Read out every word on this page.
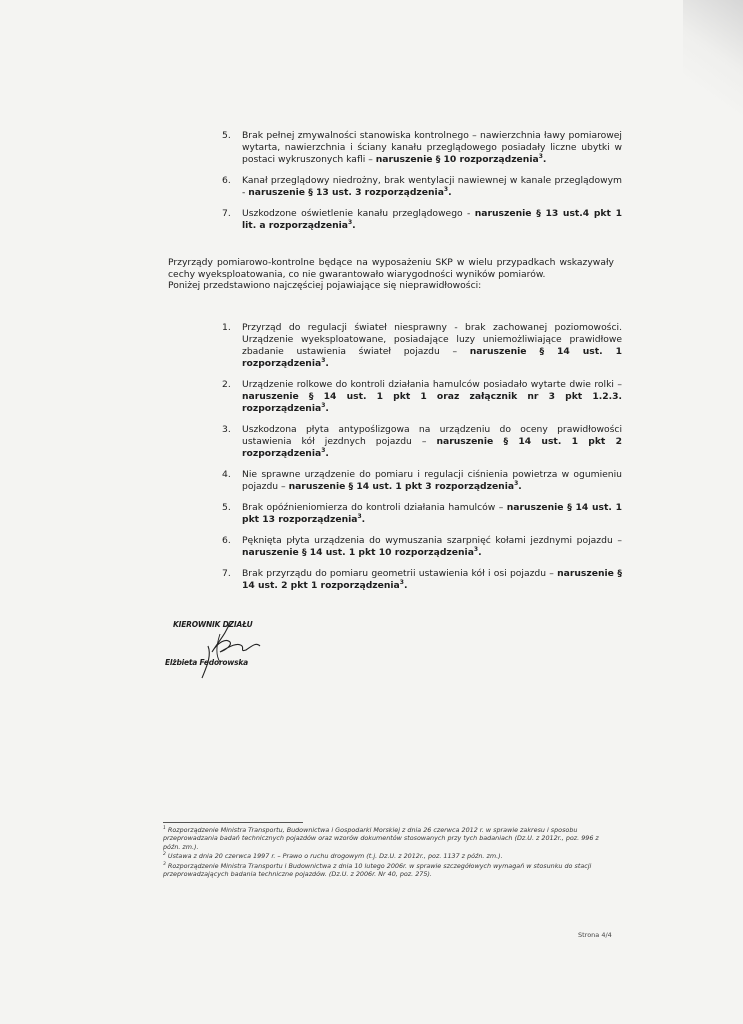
5.	Brak pełnej zmywalności stanowiska kontrolnego – nawierzchnia ławy pomiarowej wytarta, nawierzchnia i ściany kanału przeglądowego posiadały liczne ubytki w postaci wykruszonych kafli – naruszenie § 10 rozporządzenia$^3$.
6.	Kanał przeglądowy niedrożny, brak wentylacji nawiewnej w kanale przeglądowym - naruszenie § 13 ust. 3 rozporządzenia$^3$.
7.	Uszkodzone oświetlenie kanału przeglądowego - naruszenie § 13 ust.4 pkt 1 lit. a rozporządzenia$^3$.

Przyrządy pomiarowo-kontrolne będące na wyposażeniu SKP w wielu przypadkach wskazywały cechy wyeksploatowania, co nie gwarantowało wiarygodności wyników pomiarów.

Poniżej przedstawiono najczęściej pojawiające się nieprawidłowości:

1.	Przyrząd do regulacji świateł niesprawny - brak zachowanej poziomowości. Urządzenie wyeksploatowane, posiadające luzy uniemożliwiające prawidłowe zbadanie ustawienia świateł pojazdu – naruszenie § 14 ust. 1 rozporządzenia$^3$.
2.	Urządzenie rolkowe do kontroli działania hamulców posiadało wytarte dwie rolki – naruszenie § 14 ust. 1 pkt 1 oraz załącznik nr 3 pkt 1.2.3. rozporządzenia$^3$.
3.	Uszkodzona płyta antypoślizgowa na urządzeniu do oceny prawidłowości ustawienia kół jezdnych pojazdu – naruszenie § 14 ust. 1 pkt 2 rozporządzenia$^3$.
4.	Nie sprawne urządzenie do pomiaru i regulacji ciśnienia powietrza w ogumieniu pojazdu – naruszenie § 14 ust. 1 pkt 3 rozporządzenia$^3$.
5.	Brak opóźnieniomierza do kontroli działania hamulców – naruszenie § 14 ust. 1 pkt 13 rozporządzenia$^3$.
6.	Pęknięta płyta urządzenia do wymuszania szarpnięć kołami jezdnymi pojazdu – naruszenie § 14 ust. 1 pkt 10 rozporządzenia$^3$.
7.	Brak przyrządu do pomiaru geometrii ustawienia kół i osi pojazdu – naruszenie § 14 ust. 2 pkt 1 rozporządzenia$^3$.
KIEROWNIK DZIAŁU
Elżbieta Fedorowska
$^1$ Rozporządzenie Ministra Transportu, Budownictwa i Gospodarki Morskiej z dnia 26 czerwca 2012 r. w sprawie zakresu i sposobu przeprowadzania badań technicznych pojazdów oraz wzorów dokumentów stosowanych przy tych badaniach (Dz.U. z 2012r., poz. 996 z późn. zm.).
$^2$ Ustawa z dnia 20 czerwca 1997 r. – Prawo o ruchu drogowym (t.j. Dz.U. z 2012r., poz. 1137 z późn. zm.).
$^3$ Rozporządzenie Ministra Transportu i Budownictwa z dnia 10 lutego 2006r. w sprawie szczegółowych wymagań w stosunku do stacji przeprowadzających badania techniczne pojazdów. (Dz.U. z 2006r. Nr 40, poz. 275).
Strona 4/4
